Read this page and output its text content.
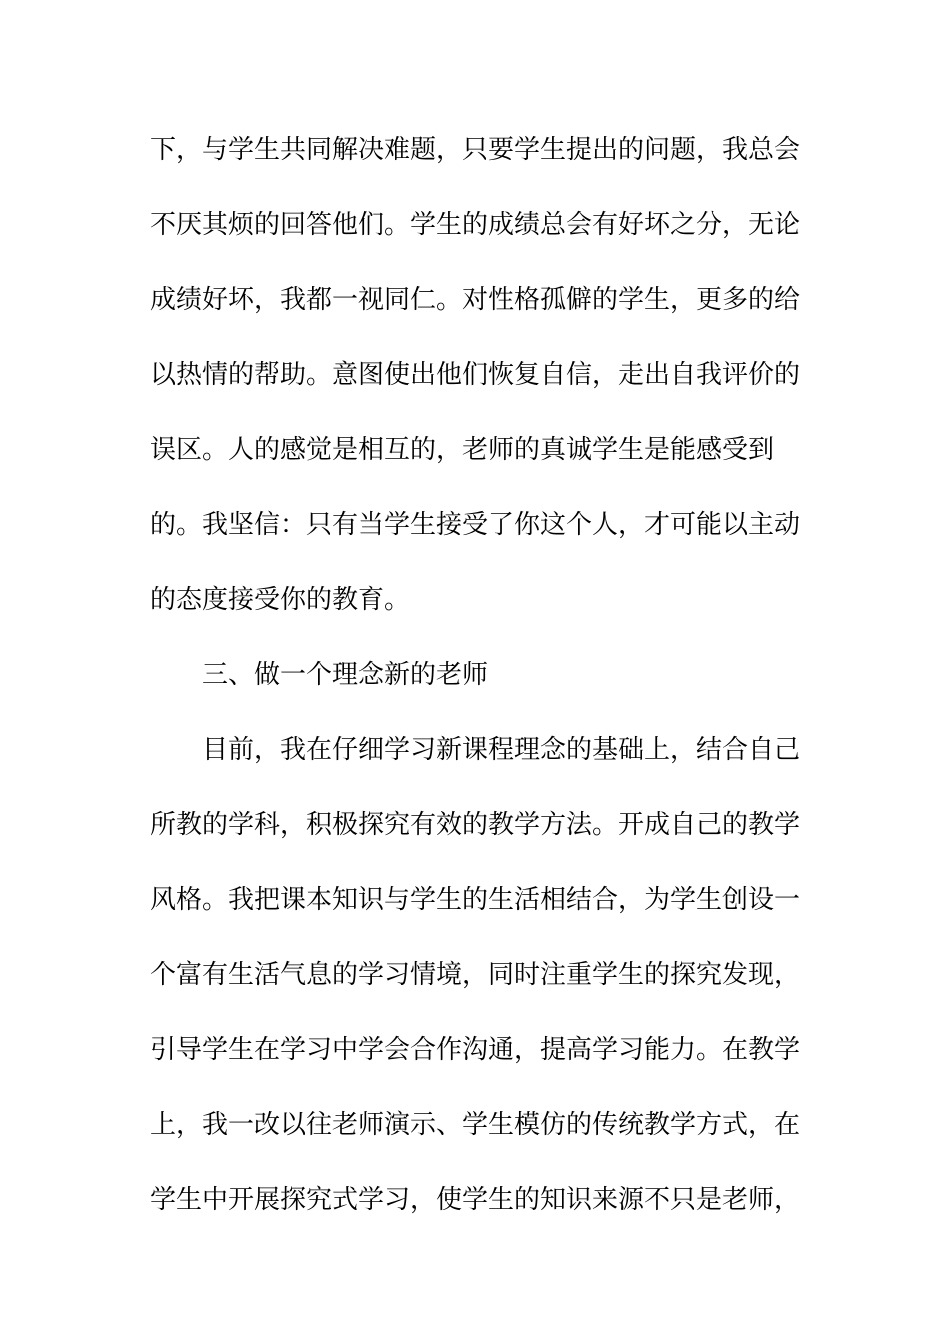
下，与学生共同解决难题，只要学生提出的问题，我总会
不厌其烦的回答他们。学生的成绩总会有好坏之分，无论
成绩好坏，我都一视同仁。对性格孤僻的学生，更多的给
以热情的帮助。意图使出他们恢复自信，走出自我评价的
误区。人的感觉是相互的，老师的真诚学生是能感受到
的。我坚信：只有当学生接受了你这个人，才可能以主动
的态度接受你的教育。
三、做一个理念新的老师
目前，我在仔细学习新课程理念的基础上，结合自己
所教的学科，积极探究有效的教学方法。开成自己的教学
风格。我把课本知识与学生的生活相结合，为学生创设一
个富有生活气息的学习情境，同时注重学生的探究发现，
引导学生在学习中学会合作沟通，提高学习能力。在教学
上，我一改以往老师演示、学生模仿的传统教学方式，在
学生中开展探究式学习，使学生的知识来源不只是老师，
